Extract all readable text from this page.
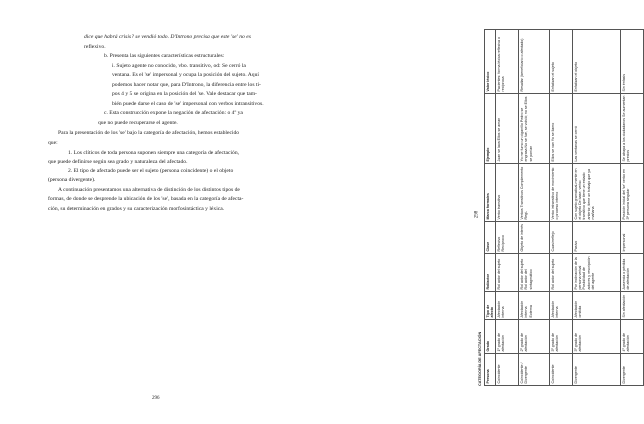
dice que habrá crisis? se vendió todo. D'Introno precisa que este 'se' no es
reflexivo.
b. Presenta las siguientes características estructurales:
i. Sujeto agente no conocido, vbo. transitivo, od: Se cerró la
ventana. Es el 'se' impersonal y ocupa la posición del sujeto. Aquí
podemos hacer notar que, para D'Introno, la diferencia entre los ti-
pos 4 y 5 se origina en la posición del 'se. Vale destacar que tam-
bién puede darse el caso de 'se' impersonal con verbos intransitivos.
c. Esta construcción expone la negación de afectación: o 4º ya
que no puede recuperarse el agente.
Para la presentación de los 'se' bajo la categoría de afectación, hemos establecido
que:
1. Los clíticos de toda persona suponen siempre una categoría de afectación,
que puede definirse según sea grado y naturaleza del afectado.
2. El tipo de afectado puede ser el sujeto (persona coincidente) o el objeto
(persona divergente).
A continuación presentamos una alternativa de distinción de los distintos tipos de
formas, de donde se desprende la ubicación de los 'se', basada en la categoría de afecta-
ción, su determinación en grados y su caracterización morfosintáctica y léxica.
296
CATEGORÍA DE AFECTACIÓNPersona	Grado	Tipo de afecto	Rol/actor	Clase	Marca formales	Ejemplo	Valor léxico
Coincidente	1º grado de afectación	Afectación interna	Rol actor del sujeto	Reflexivo Recíproco	Verbo transitivo	Juan se lava Ellos se aman	Pacientes: forma léxica reflexiva o recíproca
Coincidente / Divergente	2º grado de afectación	Afectación interna Externa	Rol actor del sujeto Rol actor del sintagmático	Objeto de interés	Verbos Transitivos Complemento Regi-	Yo me fumo un cigarrillo Pedro se engrasa No se fue, se volvió; no se Ellos se ponían	Resaltar (beneficiario o afectado)
Coincidente	3º grado de afectación	Afectación interna	Rol actor del sujeto	Cuasirreflejo	Verbo intransitivo de movimiento o proceso interno	Ellos se van Yo se llamo	Enfatizan el sujeto
Divergente	3º grado de afectación	Afectación omitida	Por inclinación de la persona verbal Posibilidad de actores y rescripción del agente	Pasivo	Con sujeto gramatical-mente en el objeto De base, verbo transitivo que tiene un estado anterior, tiene un trabajo que ya mañana	Las ventanas se cerró	Enfatizan el objeto
Divergente	4º grado de afectación	Sin afectación	Ausencia o pérdida de afectación	Impersonal	Posición inicial del 'se' verbo en 3ª persona singular	Se atrapa a los ciudadanos Se aumentan precios	Sin énfasis
298
